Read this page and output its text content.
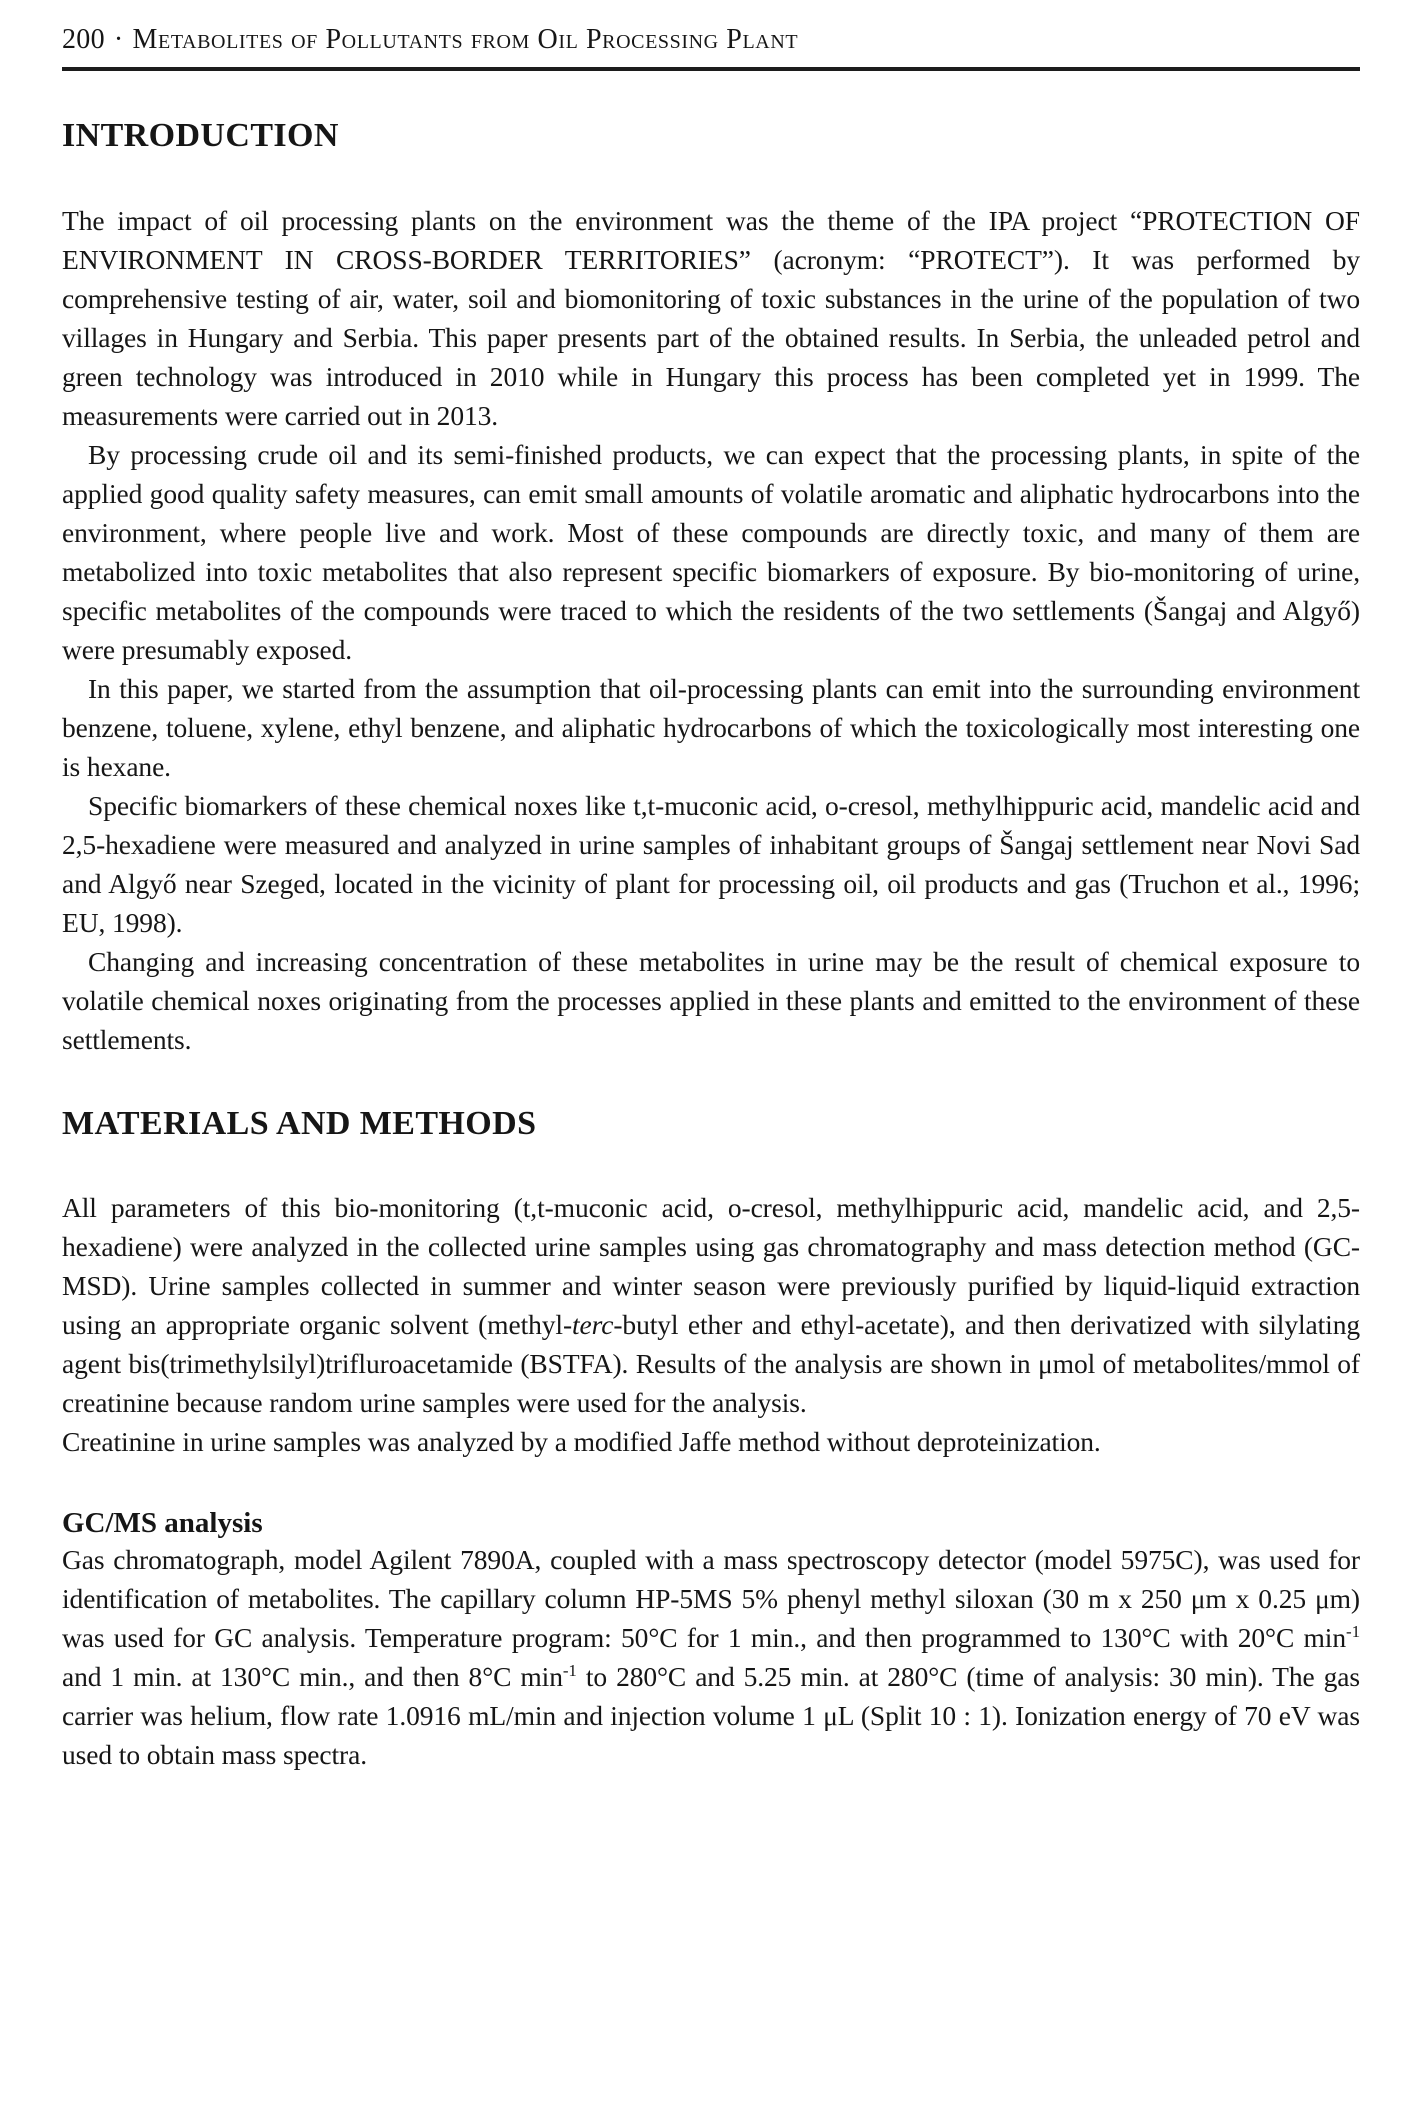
200 · Metabolites of Pollutants from Oil Processing Plant
INTRODUCTION

The impact of oil processing plants on the environment was the theme of the IPA project “PROTECTION OF ENVIRONMENT IN CROSS-BORDER TERRITORIES” (acronym: “PROTECT”). It was performed by comprehensive testing of air, water, soil and biomonitoring of toxic substances in the urine of the population of two villages in Hungary and Serbia. This paper presents part of the obtained results. In Serbia, the unleaded petrol and green technology was introduced in 2010 while in Hungary this process has been completed yet in 1999. The measurements were carried out in 2013.

By processing crude oil and its semi-finished products, we can expect that the processing plants, in spite of the applied good quality safety measures, can emit small amounts of volatile aromatic and aliphatic hydrocarbons into the environment, where people live and work. Most of these compounds are directly toxic, and many of them are metabolized into toxic metabolites that also represent specific biomarkers of exposure. By bio-monitoring of urine, specific metabolites of the compounds were traced to which the residents of the two settlements (Šangaj and Algyő) were presumably exposed.

In this paper, we started from the assumption that oil-processing plants can emit into the surrounding environment benzene, toluene, xylene, ethyl benzene, and aliphatic hydrocarbons of which the toxicologically most interesting one is hexane.

Specific biomarkers of these chemical noxes like t,t-muconic acid, o-cresol, methylhippuric acid, mandelic acid and 2,5-hexadiene were measured and analyzed in urine samples of inhabitant groups of Šangaj settlement near Novi Sad and Algyő near Szeged, located in the vicinity of plant for processing oil, oil products and gas (Truchon et al., 1996; EU, 1998).

Changing and increasing concentration of these metabolites in urine may be the result of chemical exposure to volatile chemical noxes originating from the processes applied in these plants and emitted to the environment of these settlements.

MATERIALS AND METHODS

All parameters of this bio-monitoring (t,t-muconic acid, o-cresol, methylhippuric acid, mandelic acid, and 2,5-hexadiene) were analyzed in the collected urine samples using gas chromatography and mass detection method (GC-MSD). Urine samples collected in summer and winter season were previously purified by liquid-liquid extraction using an appropriate organic solvent (methyl-terc-butyl ether and ethyl-acetate), and then derivatized with silylating agent bis(trimethylsilyl)trifluroacetamide (BSTFA). Results of the analysis are shown in μmol of metabolites/mmol of creatinine because random urine samples were used for the analysis.

Creatinine in urine samples was analyzed by a modified Jaffe method without deproteinization.

GC/MS analysis

Gas chromatograph, model Agilent 7890A, coupled with a mass spectroscopy detector (model 5975C), was used for identification of metabolites. The capillary column HP-5MS 5% phenyl methyl siloxan (30 m x 250 μm x 0.25 μm) was used for GC analysis. Temperature program: 50°C for 1 min., and then programmed to 130°C with 20°C $\min^{-1}$ and 1 min. at 130°C min., and then 8°C $\min^{-1}$ to 280°C and 5.25 min. at 280°C (time of analysis: 30 min). The gas carrier was helium, flow rate 1.0916 mL/min and injection volume 1 μL (Split 10 : 1). Ionization energy of 70 eV was used to obtain mass spectra.
